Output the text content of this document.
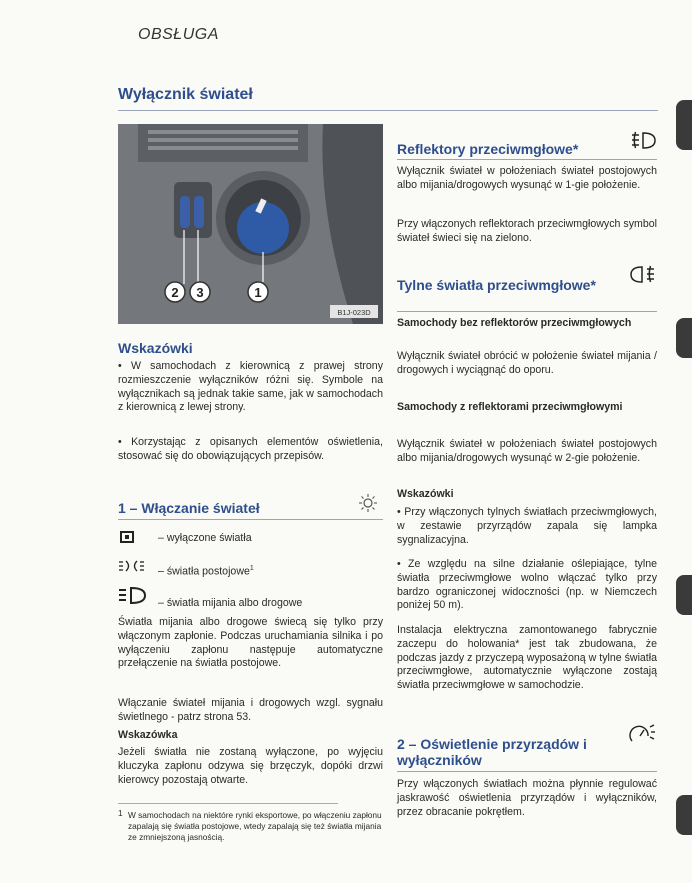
OBSŁUGA
Wyłącznik świateł
2 3	1
B1J-023D
Wskazówki
• W samochodach z kierownicą z prawej strony rozmieszczenie wyłączników różni się. Symbole na wyłącznikach są jednak takie same, jak w samochodach z kierownicą z lewej strony.
• Korzystając z opisanych elementów oświetlenia, stosować się do obowiązujących przepisów.
1 – Włączanie świateł
– wyłączone światła
– światła postojowe$^1$
– światła mijania albo drogowe
Światła mijania albo drogowe świecą się tylko przy włączonym zapłonie. Podczas uruchamiania silnika i po wyłączeniu zapłonu następuje automatyczne przełączenie na światła postojowe.
Włączanie świateł mijania i drogowych wzgl. sygnału świetlnego - patrz strona 53.
Wskazówka
Jeżeli światła nie zostaną wyłączone, po wyjęciu kluczyka zapłonu odzywa się brzęczyk, dopóki drzwi kierowcy pozostają otwarte.
1 W samochodach na niektóre rynki eksportowe, po włączeniu zapłonu zapalają się światła postojowe, wtedy zapalają się też światła mijania ze zmniejszoną jasnością.
Reflektory przeciwmgłowe*
Wyłącznik świateł w położeniach świateł postojowych albo mijania/drogowych wysunąć w 1-gie położenie.
Przy włączonych reflektorach przeciwmgłowych symbol świateł świeci się na zielono.
Tylne światła przeciwmgłowe*
Samochody bez reflektorów przeciwmgłowych
Wyłącznik świateł obrócić w położenie świateł mijania / drogowych i wyciągnąć do oporu.
Samochody z reflektorami przeciwmgłowymi
Wyłącznik świateł w położeniach świateł postojowych albo mijania/drogowych wysunąć w 2-gie położenie.
Wskazówki
• Przy włączonych tylnych światłach przeciwmgłowych, w zestawie przyrządów zapala się lampka sygnalizacyjna.
• Ze względu na silne działanie oślepiające, tylne światła przeciwmgłowe wolno włączać tylko przy bardzo ograniczonej widoczności (np. w Niemczech poniżej 50 m).
Instalacja elektryczna zamontowanego fabrycznie zaczepu do holowania* jest tak zbudowana, że podczas jazdy z przyczepą wyposażoną w tylne światła przeciwmgłowe, automatycznie wyłączone zostają światła przeciwmgłowe w samochodzie.
2 – Oświetlenie przyrządów i wyłączników
Przy włączonych światłach można płynnie regulować jaskrawość oświetlenia przyrządów i wyłączników, przez obracanie pokrętłem.
